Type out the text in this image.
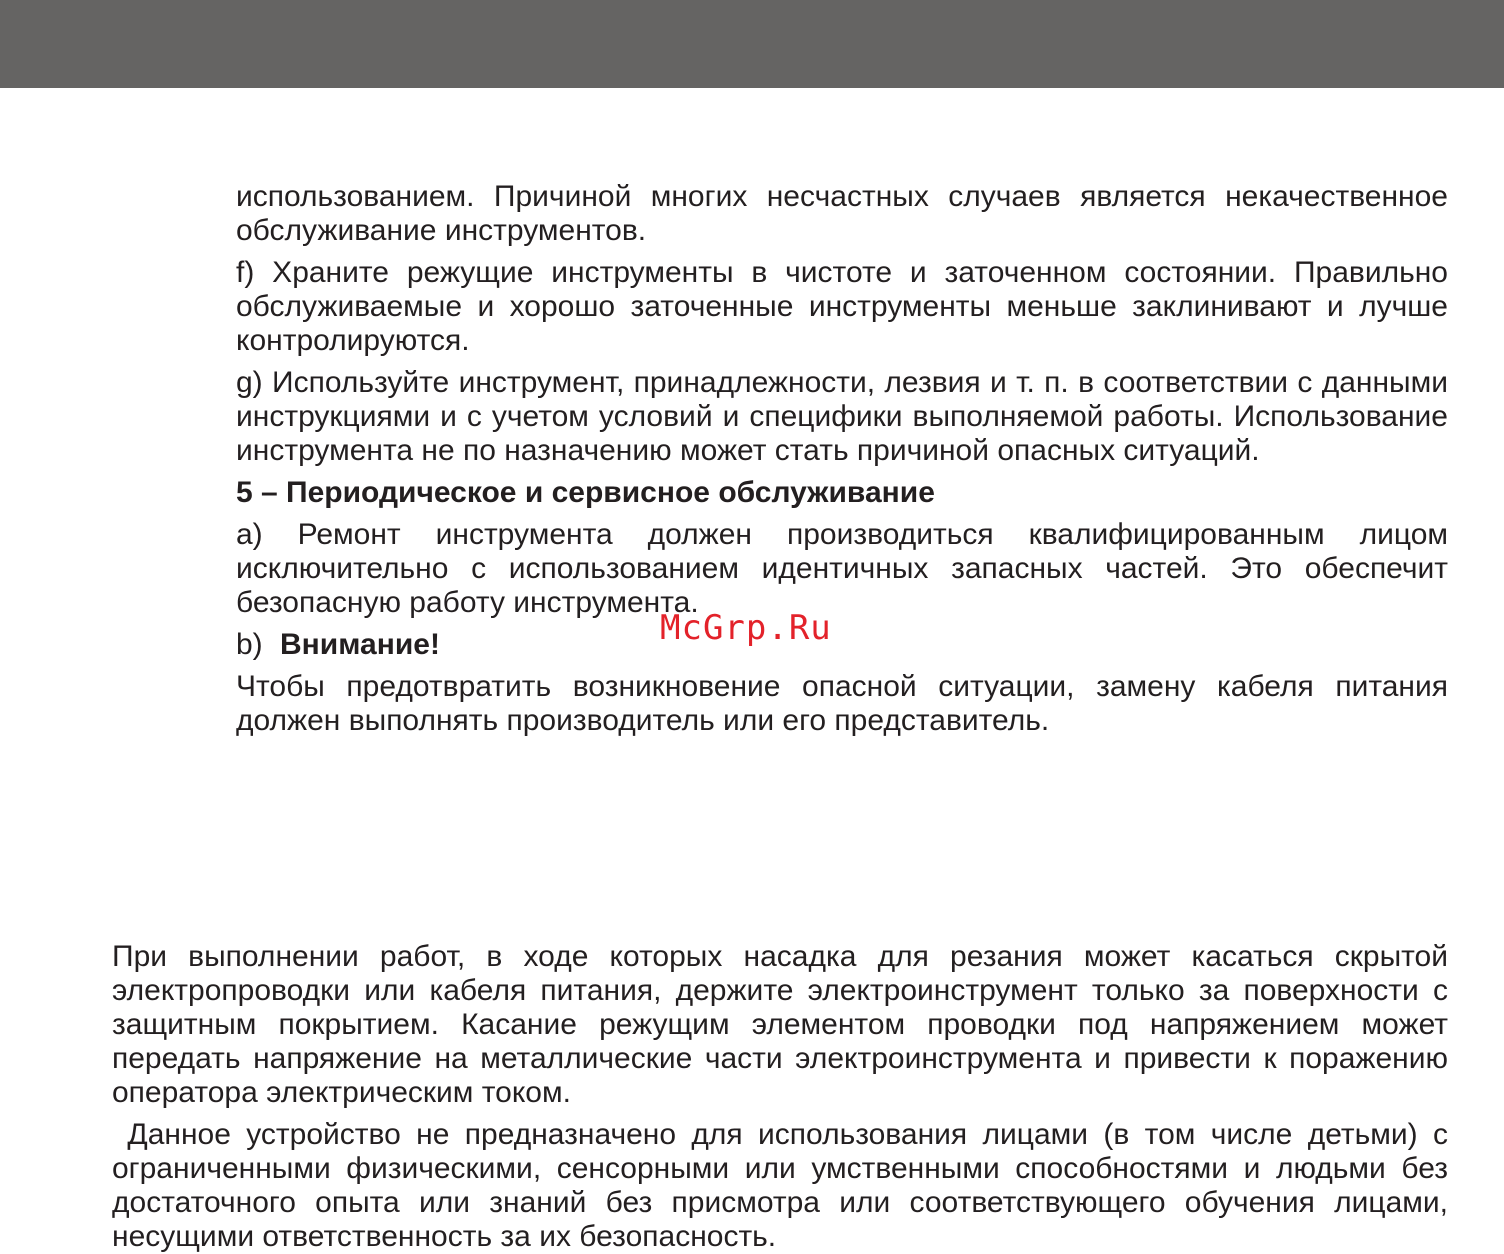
использованием. Причиной многих несчастных случаев является некачественное обслуживание инструментов.

f) Храните режущие инструменты в чистоте и заточенном состоянии. Правильно обслуживаемые и хорошо заточенные инструменты меньше заклинивают и лучше контролируются.

g) Используйте инструмент, принадлежности, лезвия и т. п. в соответствии с данными инструкциями и с учетом условий и специфики выполняемой работы. Использование инструмента не по назначению может стать причиной опасных ситуаций.

5 – Периодическое и сервисное обслуживание

a) Ремонт инструмента должен производиться квалифицированным лицом исключительно с использованием идентичных запасных частей. Это обеспечит безопасную работу инструмента.

b)Внимание!

Чтобы предотвратить возникновение опасной ситуации, замену кабеля питания должен выполнять производитель или его представитель.

McGrp.Ru

При выполнении работ, в ходе которых насадка для резания может касаться скрытой электропроводки или кабеля питания, держите электроинструмент только за поверхности с защитным покрытием. Касание режущим элементом проводки под напряжением может передать напряжение на металлические части электроинструмента и привести к поражению оператора электрическим током.

Данное устройство не предназначено для использования лицами (в том числе детьми) с ограниченными физическими, сенсорными или умственными способностями и людьми без достаточного опыта или знаний без присмотра или соответствующего обучения лицами, несущими ответственность за их безопасность.
